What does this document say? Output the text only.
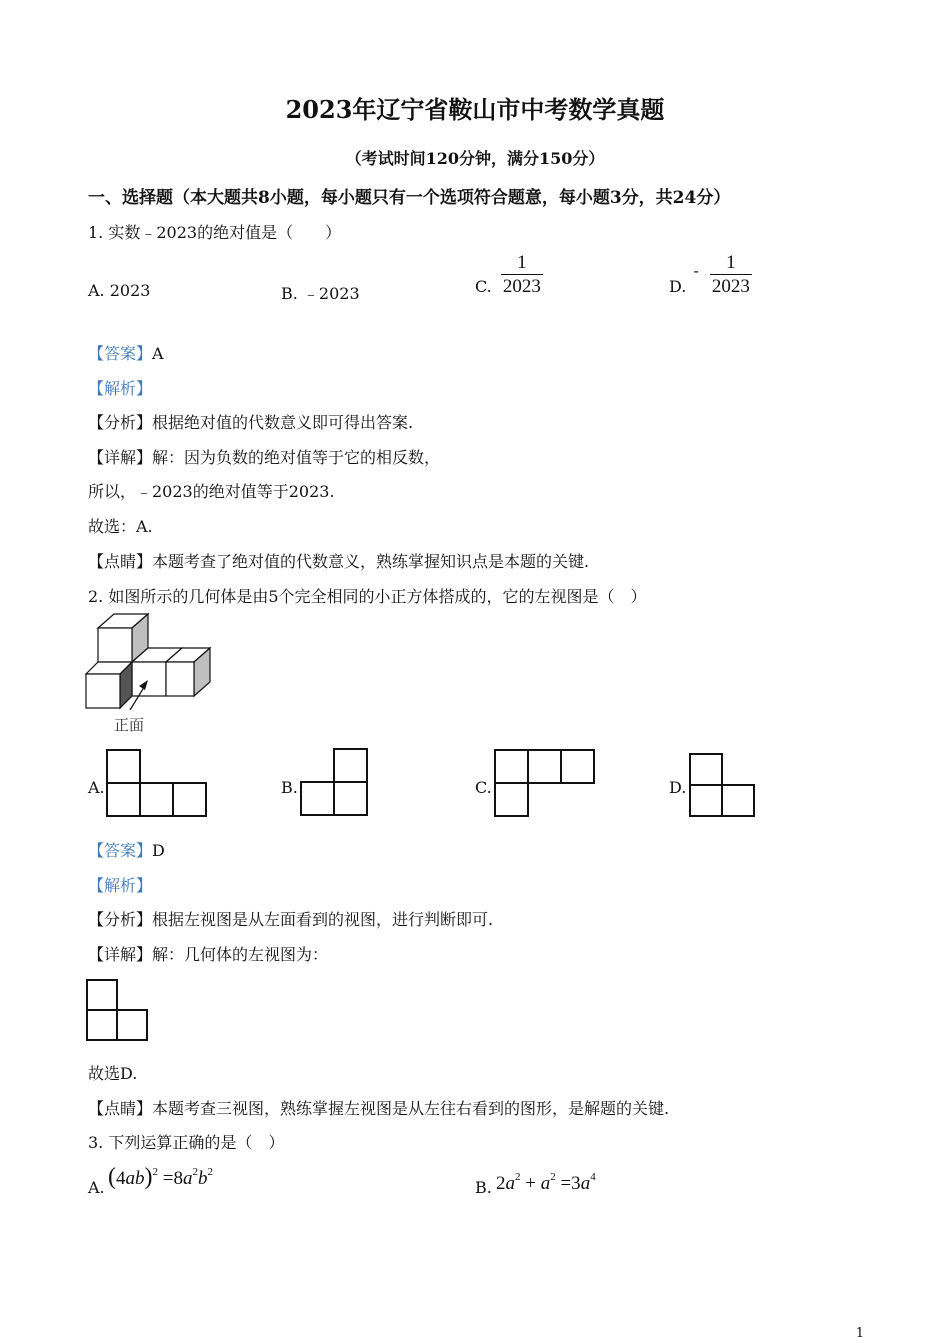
2023年辽宁省鞍山市中考数学真题
（考试时间120分钟，满分150分）
一、选择题（本大题共8小题，每小题只有一个选项符合题意，每小题3分，共24分）
1. 实数﹣2023的绝对值是（　　）
A. 2023	B. ﹣2023	C. $\frac{1}{2023}$	D. - $\frac{1}{2023}$
【答案】A
【解析】
【分析】根据绝对值的代数意义即可得出答案.
【详解】解：因为负数的绝对值等于它的相反数，
所以，﹣2023的绝对值等于2023.
故选：A.
【点睛】本题考查了绝对值的代数意义，熟练掌握知识点是本题的关键.
2. 如图所示的几何体是由5个完全相同的小正方体搭成的，它的左视图是（　）
正面
A.	B.	C.	D.
【答案】D
【解析】
【分析】根据左视图是从左面看到的视图，进行判断即可.
【详解】解：几何体的左视图为：
故选D.
【点睛】本题考查三视图，熟练掌握左视图是从左往右看到的图形，是解题的关键.
3. 下列运算正确的是（　）
A. $(4ab)^2 =8a^2b^2$
B. $2a^2 + a^2 =3a^4$
1
